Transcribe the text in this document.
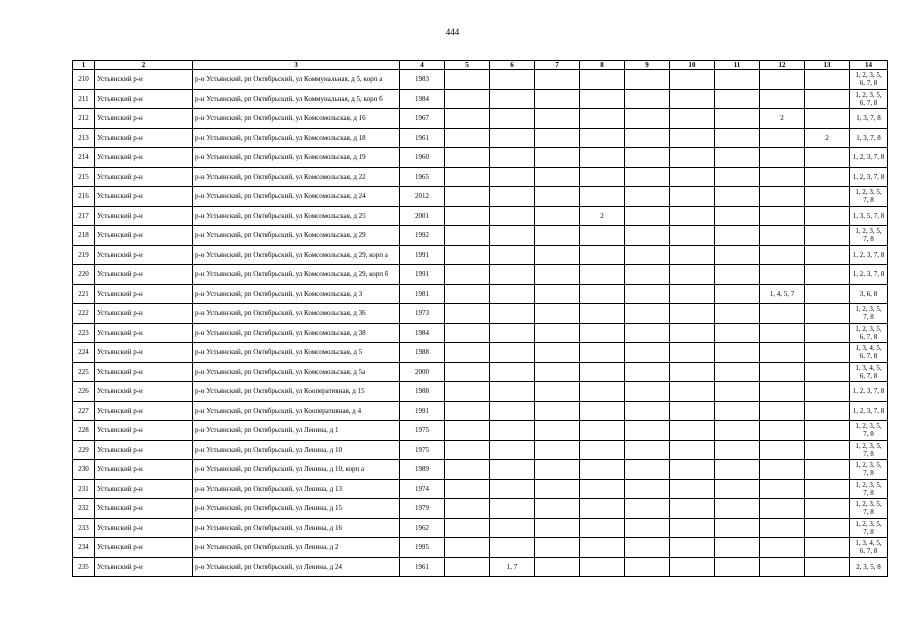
444
1	2	3	4	5	6	7	8	9	10	11	12	13	14
210	Устьянский р-н	р-н Устьянский, рп Октябрьский, ул Коммунальная, д 5, корп а	1983										1, 2, 3, 5, 6, 7, 8
211	Устьянский р-н	р-н Устьянский, рп Октябрьский, ул Коммунальная, д 5, корп б	1984										1, 2, 3, 5, 6, 7, 8
212	Устьянский р-н	р-н Устьянский, рп Октябрьский, ул Комсомольская, д 16	1967								2		1, 3, 7, 8
213	Устьянский р-н	р-н Устьянский, рп Октябрьский, ул Комсомольская, д 18	1961									2	1, 3, 7, 8
214	Устьянский р-н	р-н Устьянский, рп Октябрьский, ул Комсомольская, д 19	1960										1, 2, 3, 7, 8
215	Устьянский р-н	р-н Устьянский, рп Октябрьский, ул Комсомольская, д 22	1965										1, 2, 3, 7, 8
216	Устьянский р-н	р-н Устьянский, рп Октябрьский, ул Комсомольская, д 24	2012										1, 2, 3, 5, 7, 8
217	Устьянский р-н	р-н Устьянский, рп Октябрьский, ул Комсомольская, д 25	2001				2						1, 3, 5, 7, 8
218	Устьянский р-н	р-н Устьянский, рп Октябрьский, ул Комсомольская, д 29	1992										1, 2, 3, 5, 7, 8
219	Устьянский р-н	р-н Устьянский, рп Октябрьский, ул Комсомольская, д 29, корп а	1991										1, 2, 3, 7, 8
220	Устьянский р-н	р-н Устьянский, рп Октябрьский, ул Комсомольская, д 29, корп б	1991										1, 2, 3, 7, 8
221	Устьянский р-н	р-н Устьянский, рп Октябрьский, ул Комсомольская, д 3	1981								1, 4, 5, 7		3, 6, 8
222	Устьянский р-н	р-н Устьянский, рп Октябрьский, ул Комсомольская, д 36	1973										1, 2, 3, 5, 7, 8
223	Устьянский р-н	р-н Устьянский, рп Октябрьский, ул Комсомольская, д 38	1984										1, 2, 3, 5, 6, 7, 8
224	Устьянский р-н	р-н Устьянский, рп Октябрьский, ул Комсомольская, д 5	1988										1, 3, 4, 5, 6, 7, 8
225	Устьянский р-н	р-н Устьянский, рп Октябрьский, ул Комсомольская, д 5а	2000										1, 3, 4, 5, 6, 7, 8
226	Устьянский р-н	р-н Устьянский, рп Октябрьский, ул Кооперативная, д 15	1988										1, 2, 3, 7, 8
227	Устьянский р-н	р-н Устьянский, рп Октябрьский, ул Кооперативная, д 4	1991										1, 2, 3, 7, 8
228	Устьянский р-н	р-н Устьянский, рп Октябрьский, ул Ленина, д 1	1975										1, 2, 3, 5, 7, 8
229	Устьянский р-н	р-н Устьянский, рп Октябрьский, ул Ленина, д 10	1975										1, 2, 3, 5, 7, 8
230	Устьянский р-н	р-н Устьянский, рп Октябрьский, ул Ленина, д 10, корп а	1989										1, 2, 3, 5, 7, 8
231	Устьянский р-н	р-н Устьянский, рп Октябрьский, ул Ленина, д 13	1974										1, 2, 3, 5, 7, 8
232	Устьянский р-н	р-н Устьянский, рп Октябрьский, ул Ленина, д 15	1979										1, 2, 3, 5, 7, 8
233	Устьянский р-н	р-н Устьянский, рп Октябрьский, ул Ленина, д 16	1962										1, 2, 3, 5, 7, 8
234	Устьянский р-н	р-н Устьянский, рп Октябрьский, ул Ленина, д 2	1995										1, 3, 4, 5, 6, 7, 8
235	Устьянский р-н	р-н Устьянский, рп Октябрьский, ул Ленина, д 24	1961		1, 7								2, 3, 5, 8
